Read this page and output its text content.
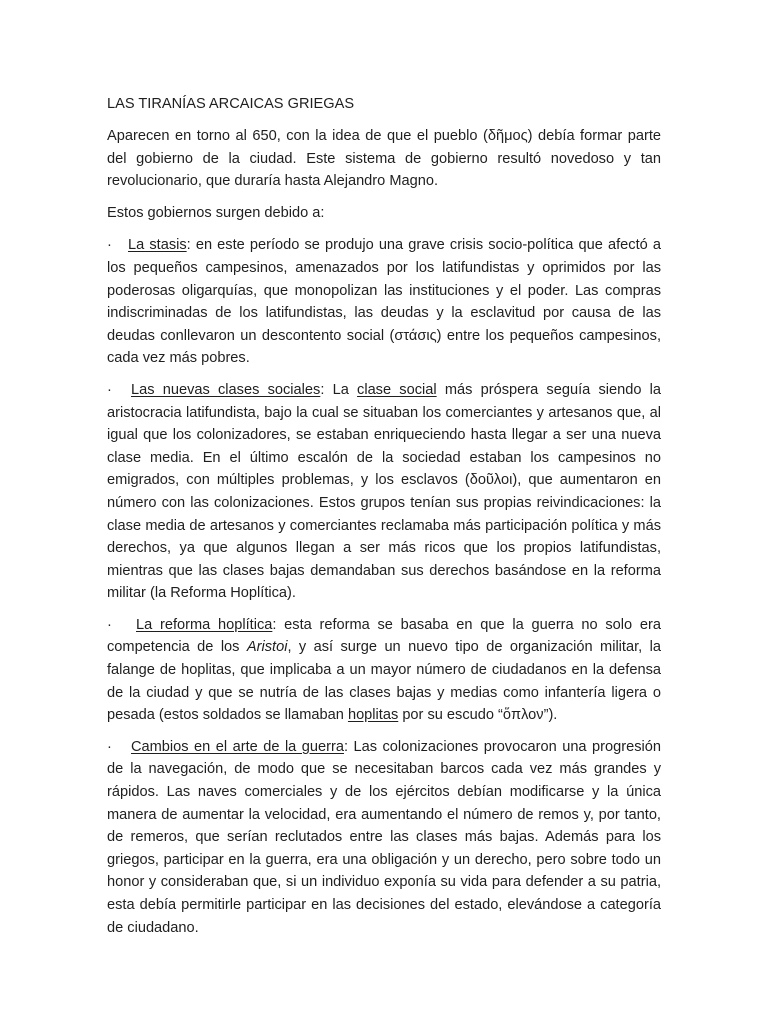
LAS TIRANÍAS ARCAICAS GRIEGAS

Aparecen en torno al 650, con la idea de que el pueblo (δῆμος) debía formar parte del gobierno de la ciudad. Este sistema de gobierno resultó novedoso y tan revolucionario, que duraría hasta Alejandro Magno.

Estos gobiernos surgen debido a:

· La stasis: en este período se produjo una grave crisis socio-política que afectó a los pequeños campesinos, amenazados por los latifundistas y oprimidos por las poderosas oligarquías, que monopolizan las instituciones y el poder. Las compras indiscriminadas de los latifundistas, las deudas y la esclavitud por causa de las deudas conllevaron un descontento social (στάσις) entre los pequeños campesinos, cada vez más pobres.

· Las nuevas clases sociales: La clase social más próspera seguía siendo la aristocracia latifundista, bajo la cual se situaban los comerciantes y artesanos que, al igual que los colonizadores, se estaban enriqueciendo hasta llegar a ser una nueva clase media. En el último escalón de la sociedad estaban los campesinos no emigrados, con múltiples problemas, y los esclavos (δοῦλοι), que aumentaron en número con las colonizaciones. Estos grupos tenían sus propias reivindicaciones: la clase media de artesanos y comerciantes reclamaba más participación política y más derechos, ya que algunos llegan a ser más ricos que los propios latifundistas, mientras que las clases bajas demandaban sus derechos basándose en la reforma militar (la Reforma Hoplítica).

· La reforma hoplítica: esta reforma se basaba en que la guerra no solo era competencia de los Aristoi, y así surge un nuevo tipo de organización militar, la falange de hoplitas, que implicaba a un mayor número de ciudadanos en la defensa de la ciudad y que se nutría de las clases bajas y medias como infantería ligera o pesada (estos soldados se llamaban hoplitas por su escudo “ὅπλον”).

· Cambios en el arte de la guerra: Las colonizaciones provocaron una progresión de la navegación, de modo que se necesitaban barcos cada vez más grandes y rápidos. Las naves comerciales y de los ejércitos debían modificarse y la única manera de aumentar la velocidad, era aumentando el número de remos y, por tanto, de remeros, que serían reclutados entre las clases más bajas. Además para los griegos, participar en la guerra, era una obligación y un derecho, pero sobre todo un honor y consideraban que, si un individuo exponía su vida para defender a su patria, esta debía permitirle participar en las decisiones del estado, elevándose a categoría de ciudadano.
